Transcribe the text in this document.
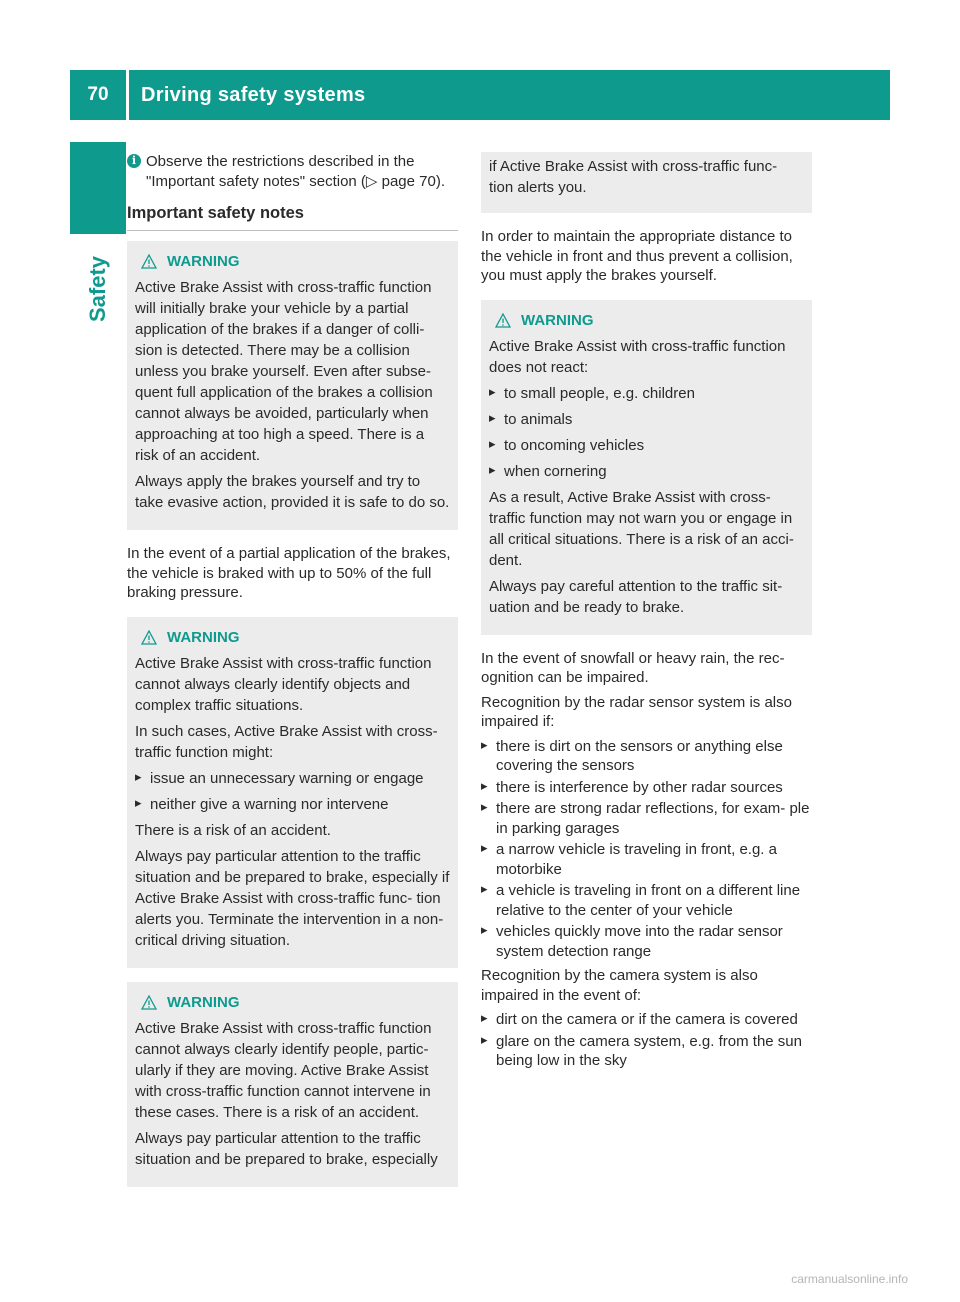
70	Driving safety systems
Safety
i Observe the restrictions described in the "Important safety notes" section (▷ page 70).
Important safety notes
WARNING

Active Brake Assist with cross-traffic function will initially brake your vehicle by a partial application of the brakes if a danger of colli- sion is detected. There may be a collision unless you brake yourself. Even after subse- quent full application of the brakes a collision cannot always be avoided, particularly when approaching at too high a speed. There is a risk of an accident.

Always apply the brakes yourself and try to take evasive action, provided it is safe to do so.

In the event of a partial application of the brakes, the vehicle is braked with up to 50% of the full braking pressure.

WARNING

Active Brake Assist with cross-traffic function cannot always clearly identify objects and complex traffic situations.

In such cases, Active Brake Assist with cross- traffic function might:

▸ issue an unnecessary warning or engage
▸ neither give a warning nor intervene

There is a risk of an accident.

Always pay particular attention to the traffic situation and be prepared to brake, especially if Active Brake Assist with cross-traffic func- tion alerts you. Terminate the intervention in a non-critical driving situation.

WARNING

Active Brake Assist with cross-traffic function cannot always clearly identify people, partic- ularly if they are moving. Active Brake Assist with cross-traffic function cannot intervene in these cases. There is a risk of an accident.

Always pay particular attention to the traffic situation and be prepared to brake, especially

if Active Brake Assist with cross-traffic func- tion alerts you.

In order to maintain the appropriate distance to the vehicle in front and thus prevent a collision, you must apply the brakes yourself.

WARNING

Active Brake Assist with cross-traffic function does not react:

▸ to small people, e.g. children
▸ to animals
▸ to oncoming vehicles
▸ when cornering

As a result, Active Brake Assist with cross- traffic function may not warn you or engage in all critical situations. There is a risk of an acci- dent.

Always pay careful attention to the traffic sit- uation and be ready to brake.

In the event of snowfall or heavy rain, the rec- ognition can be impaired.

Recognition by the radar sensor system is also impaired if:

▸ there is dirt on the sensors or anything else covering the sensors
▸ there is interference by other radar sources
▸ there are strong radar reflections, for exam- ple in parking garages
▸ a narrow vehicle is traveling in front, e.g. a motorbike
▸ a vehicle is traveling in front on a different line relative to the center of your vehicle
▸ vehicles quickly move into the radar sensor system detection range

Recognition by the camera system is also impaired in the event of:

▸ dirt on the camera or if the camera is covered
▸ glare on the camera system, e.g. from the sun being low in the sky
carmanualsonline.info
